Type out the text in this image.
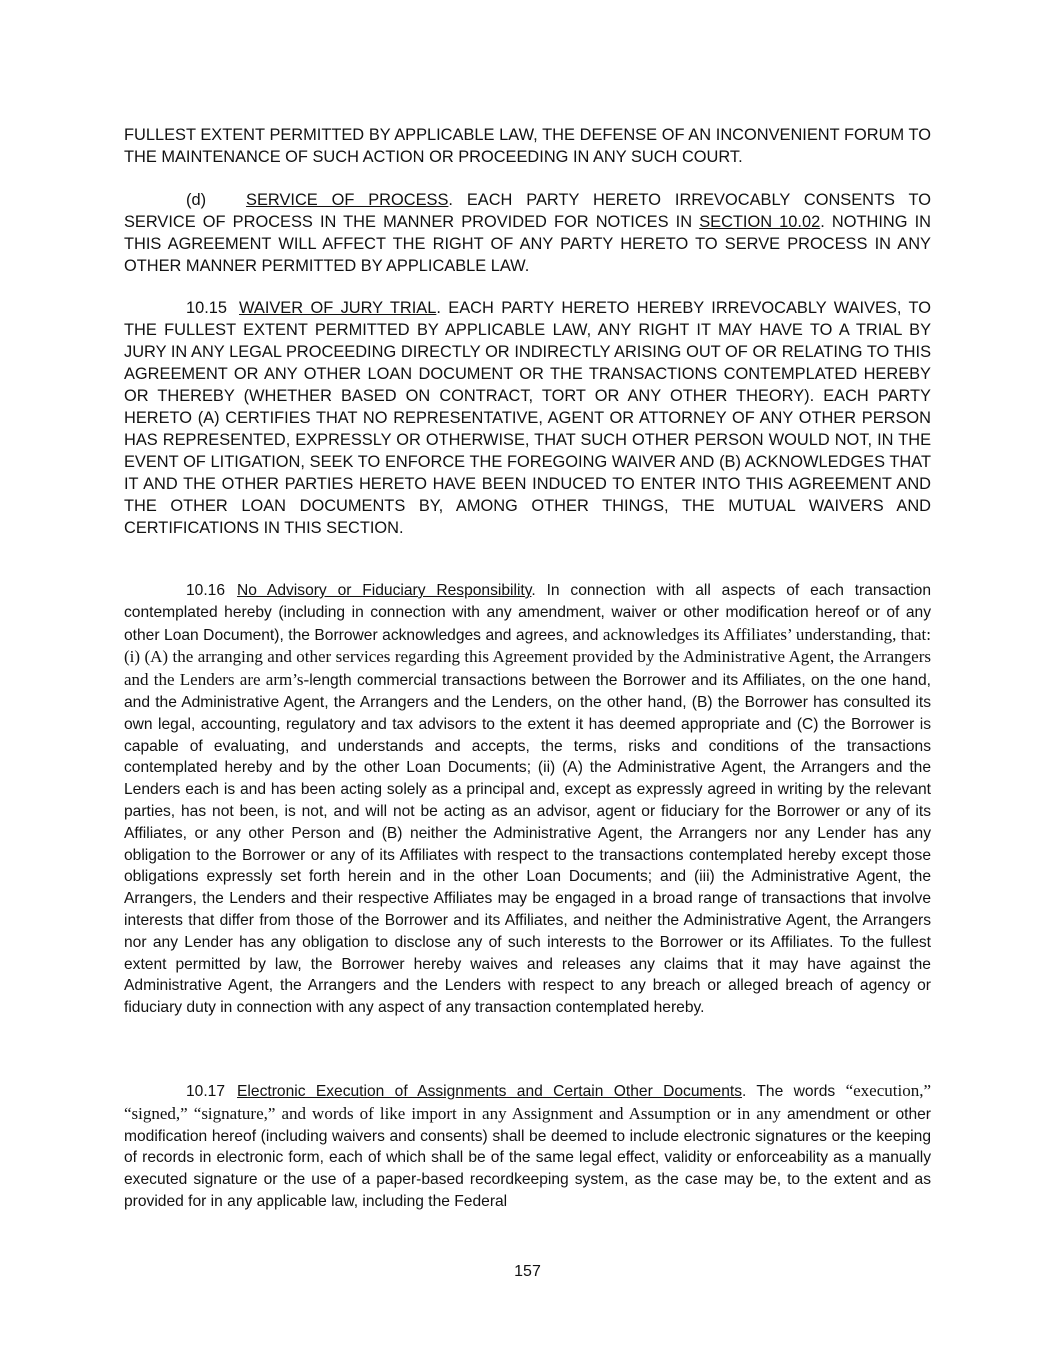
FULLEST EXTENT PERMITTED BY APPLICABLE LAW, THE DEFENSE OF AN INCONVENIENT FORUM TO THE MAINTENANCE OF SUCH ACTION OR PROCEEDING IN ANY SUCH COURT.

(d) SERVICE OF PROCESS. EACH PARTY HERETO IRREVOCABLY CONSENTS TO SERVICE OF PROCESS IN THE MANNER PROVIDED FOR NOTICES IN SECTION 10.02. NOTHING IN THIS AGREEMENT WILL AFFECT THE RIGHT OF ANY PARTY HERETO TO SERVE PROCESS IN ANY OTHER MANNER PERMITTED BY APPLICABLE LAW.

10.15 WAIVER OF JURY TRIAL. EACH PARTY HERETO HEREBY IRREVOCABLY WAIVES, TO THE FULLEST EXTENT PERMITTED BY APPLICABLE LAW, ANY RIGHT IT MAY HAVE TO A TRIAL BY JURY IN ANY LEGAL PROCEEDING DIRECTLY OR INDIRECTLY ARISING OUT OF OR RELATING TO THIS AGREEMENT OR ANY OTHER LOAN DOCUMENT OR THE TRANSACTIONS CONTEMPLATED HEREBY OR THEREBY (WHETHER BASED ON CONTRACT, TORT OR ANY OTHER THEORY). EACH PARTY HERETO (A) CERTIFIES THAT NO REPRESENTATIVE, AGENT OR ATTORNEY OF ANY OTHER PERSON HAS REPRESENTED, EXPRESSLY OR OTHERWISE, THAT SUCH OTHER PERSON WOULD NOT, IN THE EVENT OF LITIGATION, SEEK TO ENFORCE THE FOREGOING WAIVER AND (B) ACKNOWLEDGES THAT IT AND THE OTHER PARTIES HERETO HAVE BEEN INDUCED TO ENTER INTO THIS AGREEMENT AND THE OTHER LOAN DOCUMENTS BY, AMONG OTHER THINGS, THE MUTUAL WAIVERS AND CERTIFICATIONS IN THIS SECTION.

10.16 No Advisory or Fiduciary Responsibility. In connection with all aspects of each transaction contemplated hereby (including in connection with any amendment, waiver or other modification hereof or of any other Loan Document), the Borrower acknowledges and agrees, and acknowledges its Affiliates’ understanding, that: (i) (A) the arranging and other services regarding this Agreement provided by the Administrative Agent, the Arrangers and the Lenders are arm’s-length commercial transactions between the Borrower and its Affiliates, on the one hand, and the Administrative Agent, the Arrangers and the Lenders, on the other hand, (B) the Borrower has consulted its own legal, accounting, regulatory and tax advisors to the extent it has deemed appropriate and (C) the Borrower is capable of evaluating, and understands and accepts, the terms, risks and conditions of the transactions contemplated hereby and by the other Loan Documents; (ii) (A) the Administrative Agent, the Arrangers and the Lenders each is and has been acting solely as a principal and, except as expressly agreed in writing by the relevant parties, has not been, is not, and will not be acting as an advisor, agent or fiduciary for the Borrower or any of its Affiliates, or any other Person and (B) neither the Administrative Agent, the Arrangers nor any Lender has any obligation to the Borrower or any of its Affiliates with respect to the transactions contemplated hereby except those obligations expressly set forth herein and in the other Loan Documents; and (iii) the Administrative Agent, the Arrangers, the Lenders and their respective Affiliates may be engaged in a broad range of transactions that involve interests that differ from those of the Borrower and its Affiliates, and neither the Administrative Agent, the Arrangers nor any Lender has any obligation to disclose any of such interests to the Borrower or its Affiliates. To the fullest extent permitted by law, the Borrower hereby waives and releases any claims that it may have against the Administrative Agent, the Arrangers and the Lenders with respect to any breach or alleged breach of agency or fiduciary duty in connection with any aspect of any transaction contemplated hereby.

10.17 Electronic Execution of Assignments and Certain Other Documents. The words “execution,” “signed,” “signature,” and words of like import in any Assignment and Assumption or in any amendment or other modification hereof (including waivers and consents) shall be deemed to include electronic signatures or the keeping of records in electronic form, each of which shall be of the same legal effect, validity or enforceability as a manually executed signature or the use of a paper-based recordkeeping system, as the case may be, to the extent and as provided for in any applicable law, including the Federal

157
